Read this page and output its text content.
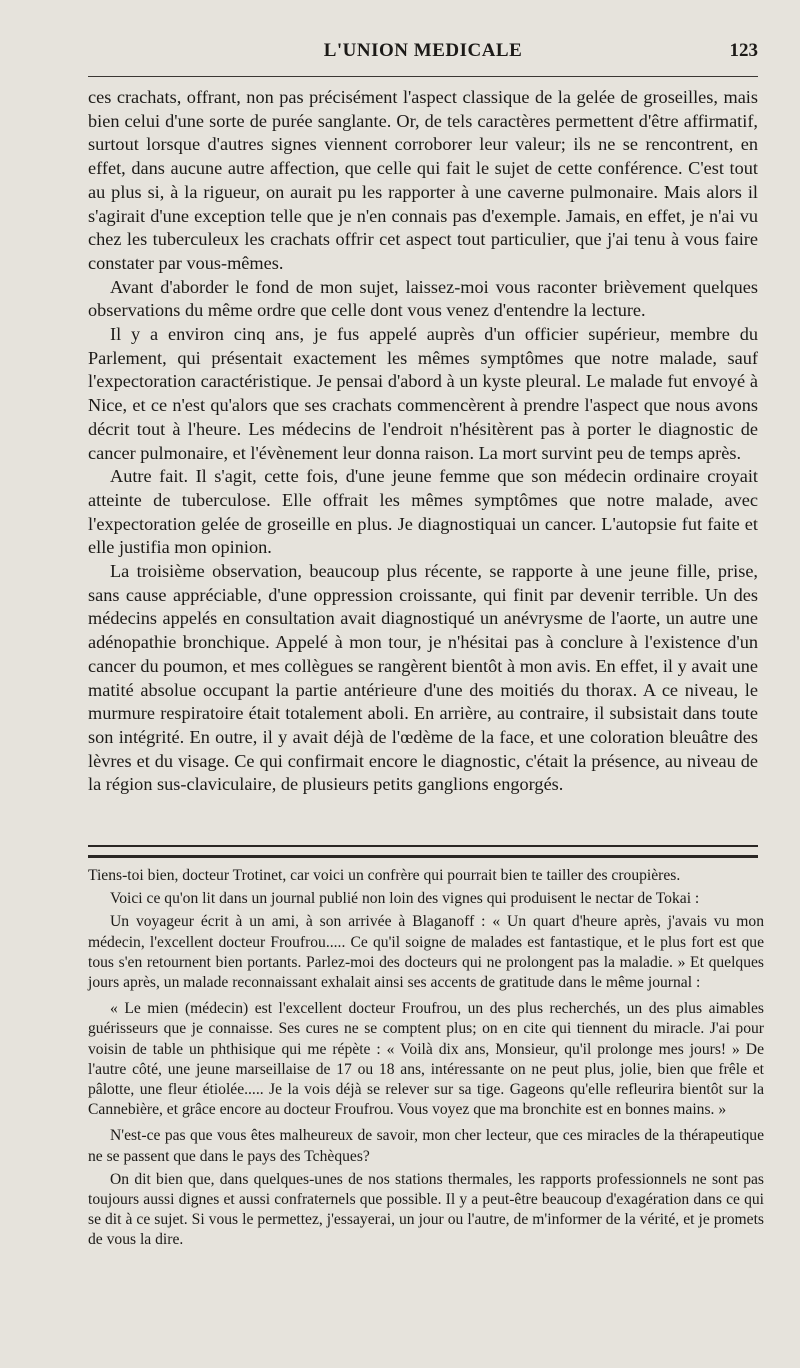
L'UNION MEDICALE	123

ces crachats, offrant, non pas précisément l'aspect classique de la gelée de groseilles, mais bien celui d'une sorte de purée sanglante. Or, de tels caractères permettent d'être affirmatif, surtout lorsque d'autres signes viennent corroborer leur valeur; ils ne se rencontrent, en effet, dans aucune autre affection, que celle qui fait le sujet de cette conférence. C'est tout au plus si, à la rigueur, on aurait pu les rapporter à une caverne pulmonaire. Mais alors il s'agirait d'une exception telle que je n'en connais pas d'exemple. Jamais, en effet, je n'ai vu chez les tuberculeux les crachats offrir cet aspect tout particulier, que j'ai tenu à vous faire constater par vous-mêmes.

Avant d'aborder le fond de mon sujet, laissez-moi vous raconter brièvement quelques observations du même ordre que celle dont vous venez d'entendre la lecture.

Il y a environ cinq ans, je fus appelé auprès d'un officier supérieur, membre du Parlement, qui présentait exactement les mêmes symptômes que notre malade, sauf l'expectoration caractéristique. Je pensai d'abord à un kyste pleural. Le malade fut envoyé à Nice, et ce n'est qu'alors que ses crachats commencèrent à prendre l'aspect que nous avons décrit tout à l'heure. Les médecins de l'endroit n'hésitèrent pas à porter le diagnostic de cancer pulmonaire, et l'évènement leur donna raison. La mort survint peu de temps après.

Autre fait. Il s'agit, cette fois, d'une jeune femme que son médecin ordinaire croyait atteinte de tuberculose. Elle offrait les mêmes symptômes que notre malade, avec l'expectoration gelée de groseille en plus. Je diagnostiquai un cancer. L'autopsie fut faite et elle justifia mon opinion.

La troisième observation, beaucoup plus récente, se rapporte à une jeune fille, prise, sans cause appréciable, d'une oppression croissante, qui finit par devenir terrible. Un des médecins appelés en consultation avait diagnostiqué un anévrysme de l'aorte, un autre une adénopathie bronchique. Appelé à mon tour, je n'hésitai pas à conclure à l'existence d'un cancer du poumon, et mes collègues se rangèrent bientôt à mon avis. En effet, il y avait une matité absolue occupant la partie antérieure d'une des moitiés du thorax. A ce niveau, le murmure respiratoire était totalement aboli. En arrière, au contraire, il subsistait dans toute son intégrité. En outre, il y avait déjà de l'œdème de la face, et une coloration bleuâtre des lèvres et du visage. Ce qui confirmait encore le diagnostic, c'était la présence, au niveau de la région sus-claviculaire, de plusieurs petits ganglions engorgés.

Tiens-toi bien, docteur Trotinet, car voici un confrère qui pourrait bien te tailler des croupières.

Voici ce qu'on lit dans un journal publié non loin des vignes qui produisent le nectar de Tokai :

Un voyageur écrit à un ami, à son arrivée à Blaganoff : « Un quart d'heure après, j'avais vu mon médecin, l'excellent docteur Froufrou..... Ce qu'il soigne de malades est fantastique, et le plus fort est que tous s'en retournent bien portants. Parlez-moi des docteurs qui ne prolongent pas la maladie. » Et quelques jours après, un malade reconnaissant exhalait ainsi ses accents de gratitude dans le même journal :

« Le mien (médecin) est l'excellent docteur Froufrou, un des plus recherchés, un des plus aimables guérisseurs que je connaisse. Ses cures ne se comptent plus; on en cite qui tiennent du miracle. J'ai pour voisin de table un phthisique qui me répète : « Voilà dix ans, Monsieur, qu'il prolonge mes jours! » De l'autre côté, une jeune marseillaise de 17 ou 18 ans, intéressante on ne peut plus, jolie, bien que frêle et pâlotte, une fleur étiolée..... Je la vois déjà se relever sur sa tige. Gageons qu'elle refleurira bientôt sur la Cannebière, et grâce encore au docteur Froufrou. Vous voyez que ma bronchite est en bonnes mains. »

N'est-ce pas que vous êtes malheureux de savoir, mon cher lecteur, que ces miracles de la thérapeutique ne se passent que dans le pays des Tchèques?

On dit bien que, dans quelques-unes de nos stations thermales, les rapports professionnels ne sont pas toujours aussi dignes et aussi confraternels que possible. Il y a peut-être beaucoup d'exagération dans ce qui se dit à ce sujet. Si vous le permettez, j'essayerai, un jour ou l'autre, de m'informer de la vérité, et je promets de vous la dire.
